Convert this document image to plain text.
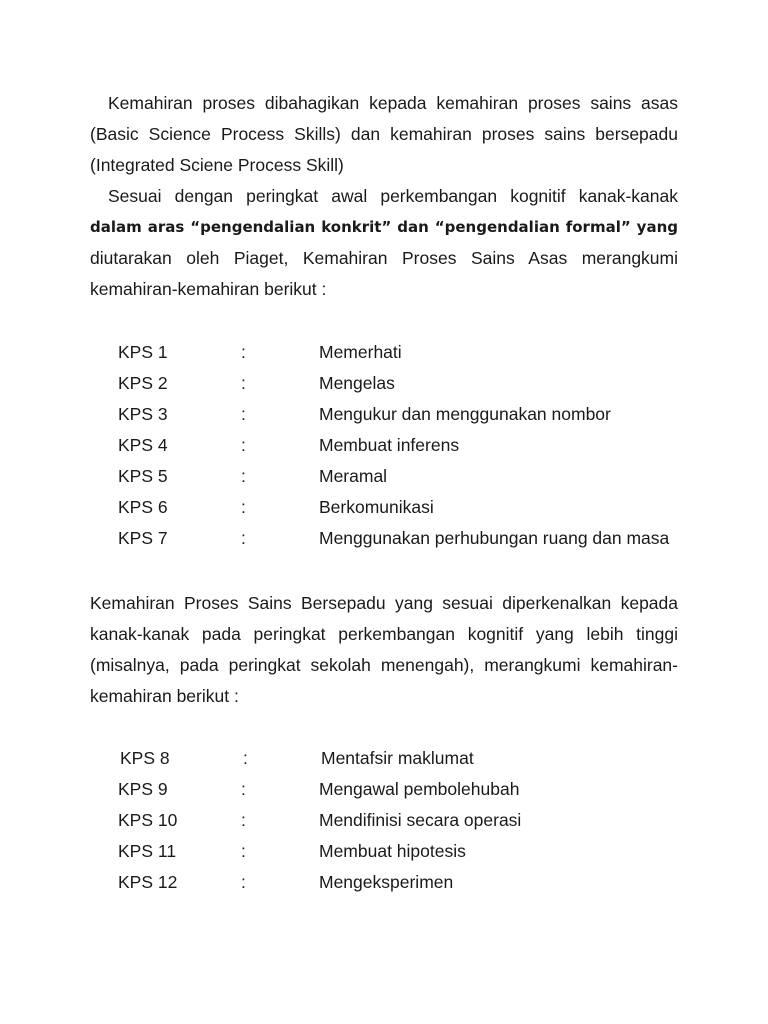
Kemahiran proses dibahagikan kepada kemahiran proses sains asas
(Basic Science Process Skills) dan kemahiran proses sains bersepadu
(Integrated Sciene Process Skill)

Sesuai dengan peringkat awal perkembangan kognitif kanak-kanak
dalam aras “pengendalian konkrit” dan “pengendalian formal” yang
diutarakan oleh Piaget, Kemahiran Proses Sains Asas merangkumi
kemahiran-kemahiran berikut :

KPS 1	:	Memerhati
KPS 2	:	Mengelas
KPS 3	:	Mengukur dan menggunakan nombor
KPS 4	:	Membuat inferens
KPS 5	:	Meramal
KPS 6	:	Berkomunikasi
KPS 7	:	Menggunakan perhubungan ruang dan masa

Kemahiran Proses Sains Bersepadu yang sesuai diperkenalkan kepada
kanak-kanak pada peringkat perkembangan kognitif yang lebih tinggi
(misalnya, pada peringkat sekolah menengah), merangkumi kemahiran-
kemahiran berikut :

KPS 8	:	Mentafsir maklumat
KPS 9	:	Mengawal pembolehubah
KPS 10	:	Mendifinisi secara operasi
KPS 11	:	Membuat hipotesis
KPS 12	:	Mengeksperimen
